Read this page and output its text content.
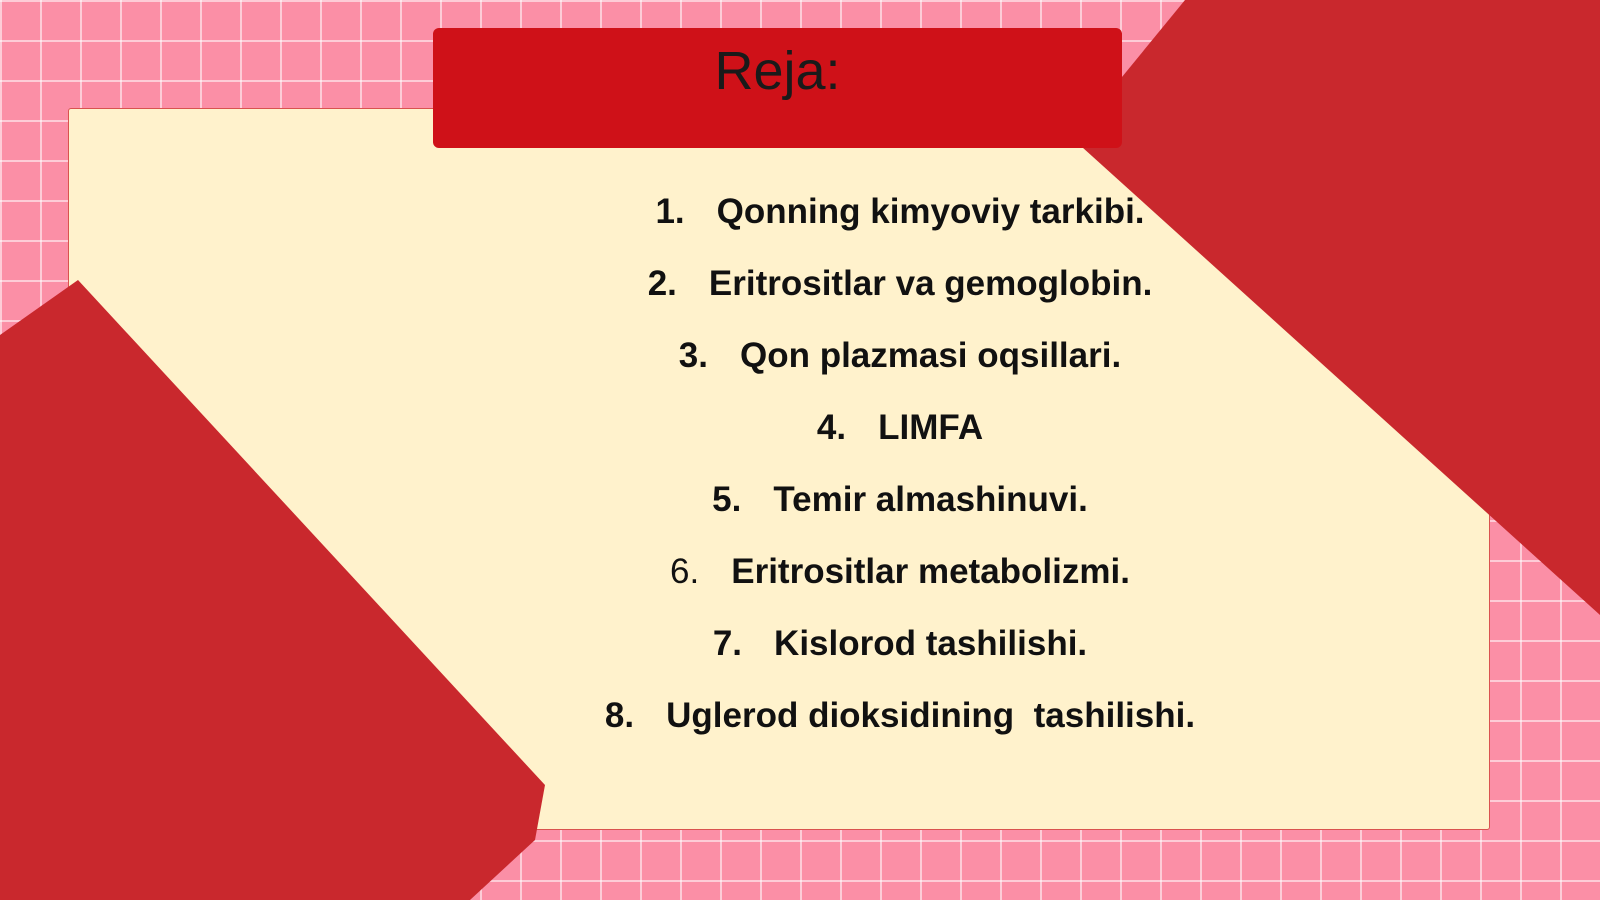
Reja:
1. Qonning kimyoviy tarkibi.
2. Eritrositlar va gemoglobin.
3. Qon plazmasi oqsillari.
4. LIMFA
5. Temir almashinuvi.
6. Eritrositlar metabolizmi.
7. Kislorod tashilishi.
8. Uglerod dioksidining  tashilishi.
